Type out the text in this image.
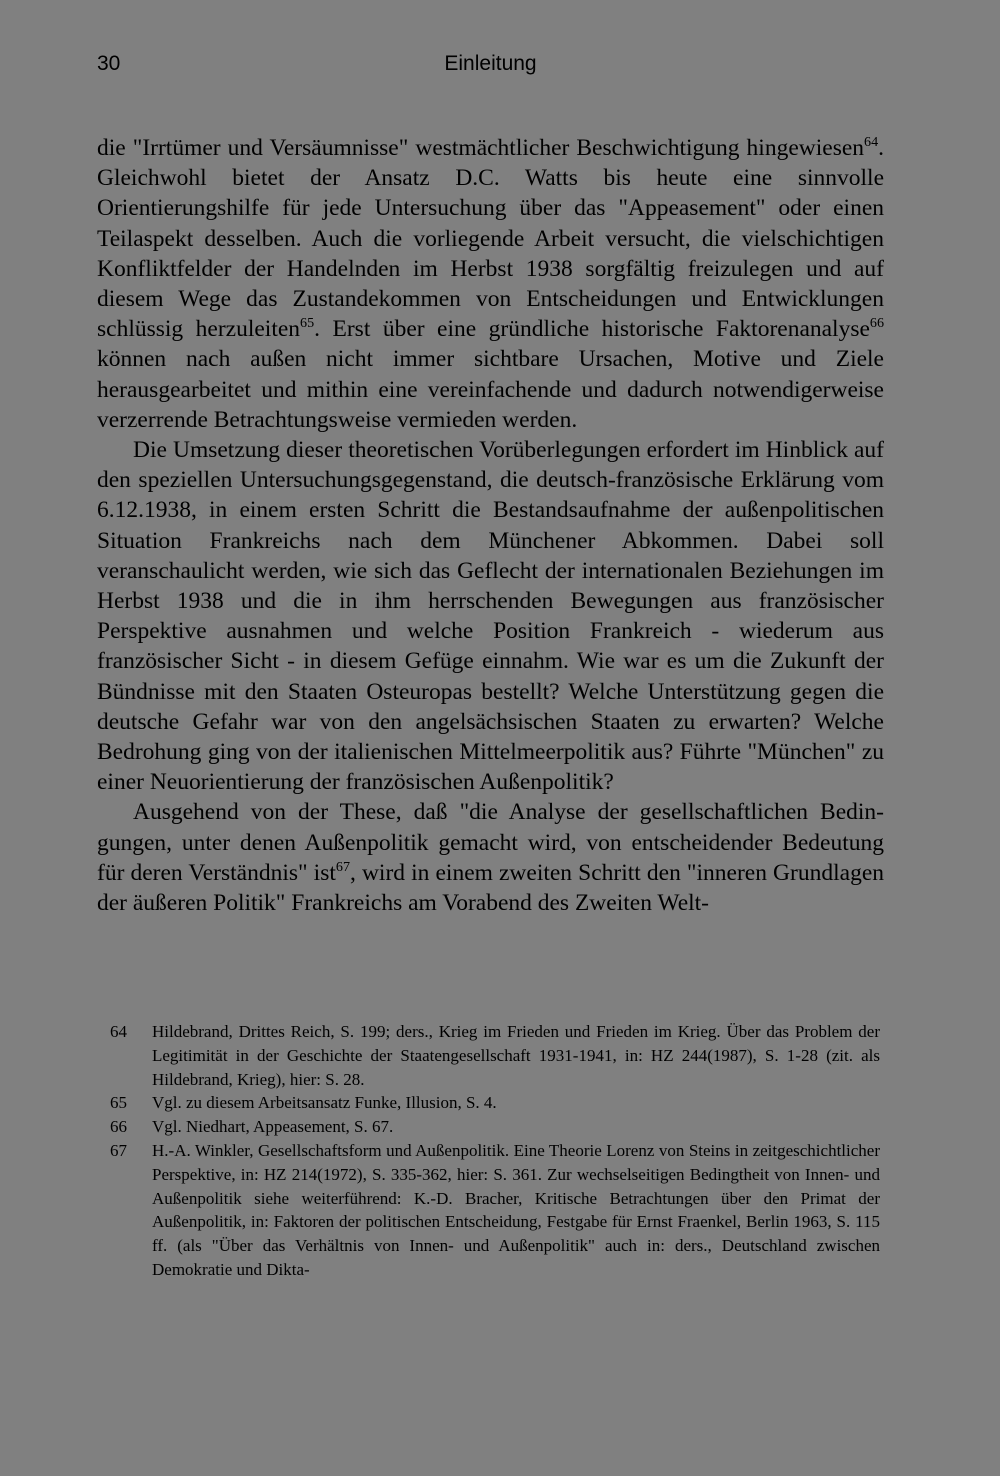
30	Einleitung

die "Irrtümer und Versäumnisse" westmächtlicher Beschwichtigung hingewiesen$^{64}$. Gleichwohl bietet der Ansatz D.C. Watts bis heute eine sinnvolle Orientierungshilfe für jede Untersuchung über das "Appeasement" oder einen Teilaspekt desselben. Auch die vorliegende Arbeit versucht, die vielschichtigen Konfliktfelder der Handelnden im Herbst 1938 sorgfältig freizulegen und auf diesem Wege das Zustandekommen von Entscheidungen und Entwicklungen schlüssig herzuleiten$^{65}$. Erst über eine gründliche historische Faktorenanalyse$^{66}$ können nach außen nicht immer sichtbare Ursachen, Motive und Ziele herausgearbeitet und mithin eine vereinfachende und dadurch notwendigerweise verzerrende Betrachtungsweise vermieden werden.

Die Umsetzung dieser theoretischen Vorüberlegungen erfordert im Hinblick auf den speziellen Untersuchungsgegenstand, die deutsch-französische Erklärung vom 6.12.1938, in einem ersten Schritt die Bestandsaufnahme der außenpolitischen Situation Frankreichs nach dem Münchener Abkommen. Dabei soll veranschaulicht werden, wie sich das Geflecht der internationalen Beziehungen im Herbst 1938 und die in ihm herrschenden Bewegungen aus französischer Perspektive ausnahmen und welche Position Frankreich - wiederum aus französischer Sicht - in diesem Gefüge einnahm. Wie war es um die Zukunft der Bündnisse mit den Staaten Osteuropas bestellt? Welche Unterstützung gegen die deutsche Gefahr war von den angelsächsischen Staaten zu erwarten? Welche Bedrohung ging von der italienischen Mittelmeerpolitik aus? Führte "München" zu einer Neuorientierung der französischen Außenpolitik?

Ausgehend von der These, daß "die Analyse der gesellschaftlichen Bedingungen, unter denen Außenpolitik gemacht wird, von entscheidender Bedeutung für deren Verständnis" ist$^{67}$, wird in einem zweiten Schritt den "inneren Grundlagen der äußeren Politik" Frankreichs am Vorabend des Zweiten Welt-

64 Hildebrand, Drittes Reich, S. 199; ders., Krieg im Frieden und Frieden im Krieg. Über das Problem der Legitimität in der Geschichte der Staatengesellschaft 1931-1941, in: HZ 244(1987), S. 1-28 (zit. als Hildebrand, Krieg), hier: S. 28.
65 Vgl. zu diesem Arbeitsansatz Funke, Illusion, S. 4.
66 Vgl. Niedhart, Appeasement, S. 67.
67 H.-A. Winkler, Gesellschaftsform und Außenpolitik. Eine Theorie Lorenz von Steins in zeitgeschichtlicher Perspektive, in: HZ 214(1972), S. 335-362, hier: S. 361. Zur wechselseitigen Bedingtheit von Innen- und Außenpolitik siehe weiterführend: K.-D. Bracher, Kritische Betrachtungen über den Primat der Außenpolitik, in: Faktoren der politischen Entscheidung, Festgabe für Ernst Fraenkel, Berlin 1963, S. 115 ff. (als "Über das Verhältnis von Innen- und Außenpolitik" auch in: ders., Deutschland zwischen Demokratie und Dikta-
